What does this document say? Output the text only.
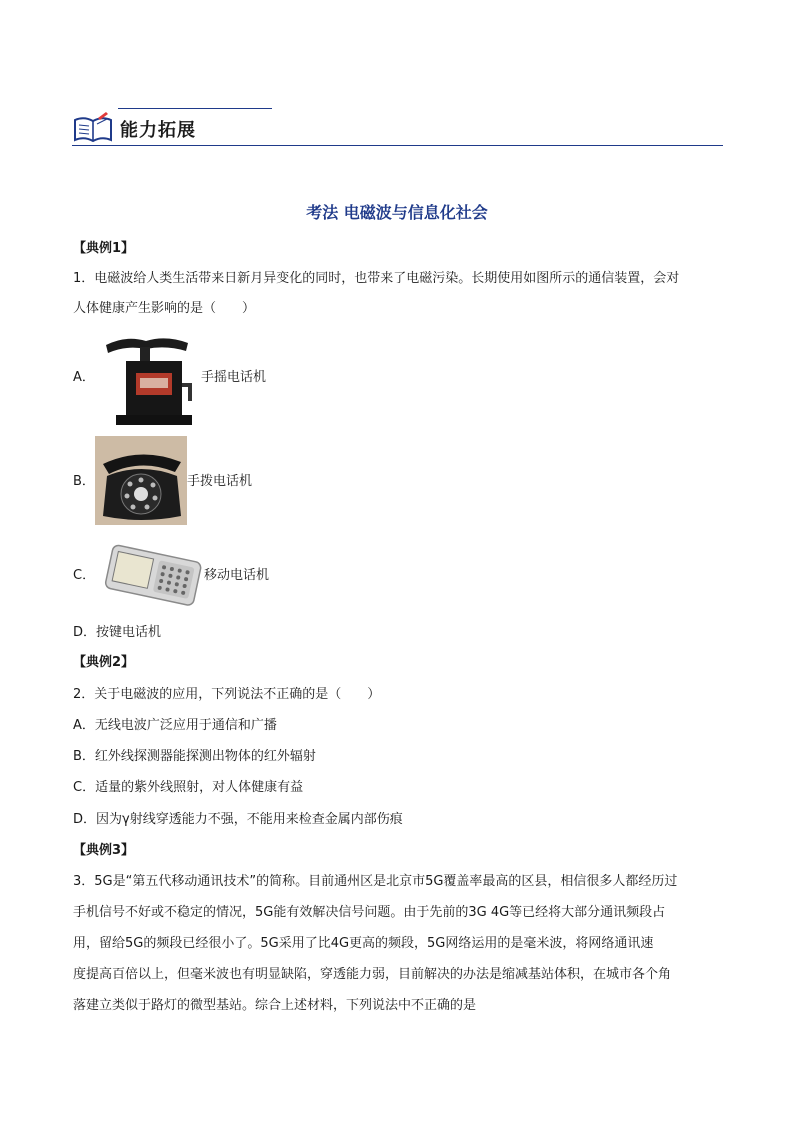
能力拓展
考法 电磁波与信息化社会
【典例1】
1．电磁波给人类生活带来日新月异变化的同时，也带来了电磁污染。长期使用如图所示的通信装置，会对
人体健康产生影响的是（　　）
A．	手摇电话机
B．	手拨电话机
C．	移动电话机
D．按键电话机
【典例2】
2．关于电磁波的应用，下列说法不正确的是（　　）
A．无线电波广泛应用于通信和广播
B．红外线探测器能探测出物体的红外辐射
C．适量的紫外线照射，对人体健康有益
D．因为γ射线穿透能力不强，不能用来检查金属内部伤痕
【典例3】
3．5G是“第五代移动通讯技术”的简称。目前通州区是北京市5G覆盖率最高的区县，相信很多人都经历过
手机信号不好或不稳定的情况，5G能有效解决信号问题。由于先前的3G 4G等已经将大部分通讯频段占
用，留给5G的频段已经很小了。5G采用了比4G更高的频段，5G网络运用的是毫米波，将网络通讯速
度提高百倍以上，但毫米波也有明显缺陷，穿透能力弱，目前解决的办法是缩减基站体积，在城市各个角
落建立类似于路灯的微型基站。综合上述材料，下列说法中不正确的是
